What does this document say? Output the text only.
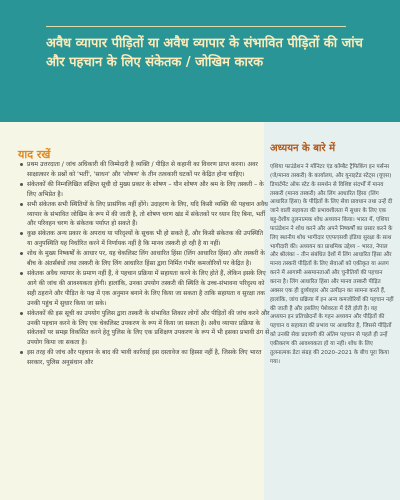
अवैध व्यापार पीड़ितों या अवैध व्यापार के संभावित पीड़ितों की जांच और पहचान के लिए संकेतक / जोखिम कारक
याद रखें
प्रथम उत्तरदाता / जांच अधिकारी की जिम्मेदारी है व्यक्ति / पीड़ित से कहानी का विवरण प्राप्त करना। अवर साक्षात्कार के प्रश्नों को 'भर्ती', 'साधन' और 'शोषण' के तीन तत्वकारी घटकों पर केंद्रित होना चाहिए।
संकेतकों की निम्नलिखित संक्षिप्त सूची दो मुख्य प्रकार के शोषण – यौन शोषण और श्रम के लिए तस्करी – के लिए अभिप्रेत है।
सभी संकेतक सभी स्थितियों के लिए प्रासंगिक नहीं होंगे। उदाहरण के लिए, यदि किसी व्यक्ति की पहचान अवैध व्यापार के संभावित जोखिम के रूप में की जाती है, तो शोषण चरण खंड में संकेतकों पर ध्यान दिए बिना, भर्ती और परिवहन चरण के संकेतक पर्याप्त हो सकते हैं।
कुछ संकेतक अन्य प्रकार के अपराध या परिदृश्यों के सूचक भी हो सकते हैं, और किसी संकेतक की उपस्थिति या अनुपस्थिति यह निर्धारित करने में निर्णायक नहीं है कि मानव तस्करी हो रही है या नहीं।
शोध के मुख्य निष्कर्षों के आधार पर, यह चेकलिस्ट लिंग आधारित हिंसा (लिंग आधारित हिंसा) और तस्करी के बीच के अंतर्संबंधों तथा तस्करी के लिए लिंग आधारित हिंसा द्वारा निर्मित गंभीर कमजोरियों पर केंद्रित है।
संकेतक अवैध व्यापार के प्रमाण नहीं हैं, वे पहचान प्रक्रिया में सहायता करने के लिए होते हैं, लेकिन इसके लिए आगे की जांच की आवश्यकता होगी। हालांकि, उनका उपयोग तस्करी की स्थिति के उच्च-संभावना परिदृश्य को सही ठहराने और पीड़ित के पक्ष में एक अनुमान बनाने के लिए किया जा सकता है ताकि सहायता व सुरक्षा तक उनकी पहुंच में सुधार किया जा सके।
संकेतकों की इस सूची का उपयोग पुलिस द्वारा तस्करी के संभावित शिकार लोगों और पीड़ितों की जांच करने और उनकी पहचान करने के लिए एक चेकलिस्ट उपकरण के रूप में किया जा सकता है। अवैध व्यापार प्रक्रिया के संकेतकों पर समझ विकसित करने हेतु पुलिस के लिए एक प्रशिक्षण उपकरण के रूप में भी इसका प्रभावी ढंग से उपयोग किया जा सकता है।
इस तरह की जांच और पहचान के बाद की भावी कार्रवाई इस दस्तावेज का हिस्सा नहीं है, जिसके लिए भारत सरकार, पुलिस अनुसंधान और
अध्ययन के बारे में

एशिया फाउंडेशन ने मॉनिटर एंड कॉम्बैट ट्रैफिकिंग इन पर्सन्स (जे/मानव तस्करी) के कार्यालय, और यूनाइटेड स्टेट्स (यूएस) डिपार्टमेंट ऑफ स्टेट के समर्थन से विशिष्ट संदर्भों में मानव तस्करी (मानव तस्करी) और लिंग आधारित हिंसा (लिंग आधारित हिंसा) के पीड़ितों के लिए सेवा प्रावधान तथा उन्हें दी जाने वाली सहायता की प्रभावशीलता में सुधार के लिए एक बहु-देशीय तुलनात्मक शोध अध्ययन किया। भारत में, एशिया फाउंडेशन ने शोध करने और अपने निष्कर्षों का प्रसार करने के लिए स्थानीय शोध भागीदार एएफएसवी इंडिया सुरक्षा के साथ भागीदारी की। अध्ययन का प्राथमिक उद्देश्य – भारत, नेपाल और श्रीलंका – तीन संबंधित देशों में लिंग आधारित हिंसा और मानव तस्करी पीड़ितों के लिए सेवाओं को एकीकृत या अलग करने में आगामी असमानताओं और चुनौतियों की पहचान करना है। लिंग आधारित हिंसा और मानव तस्करी पीड़ित अक्सर एक ही दुर्व्यवहार और उत्पीड़न का सामना करते हैं, हालांकि, जांच प्रक्रिया में इन अन्य कमजोरियों की पहचान नहीं की जाती है और इसलिए पेशेवरता में देरी होती है। यह अध्ययन इन प्रतिच्छेदनों के गहन अध्ययन और पीड़ितों की पहचान व सहायता की प्रभाव पर आधारित है, जिससे पीड़ितों को उनकी सेवा प्रदायगी की अंतिम पहचान से पहले ही उन्हें एकीकरण की आवश्यकता हो या नहीं। शोध के लिए तुलनात्मक डेटा संग्रह की 2020–2021 के बीच पूरा किया गया।
